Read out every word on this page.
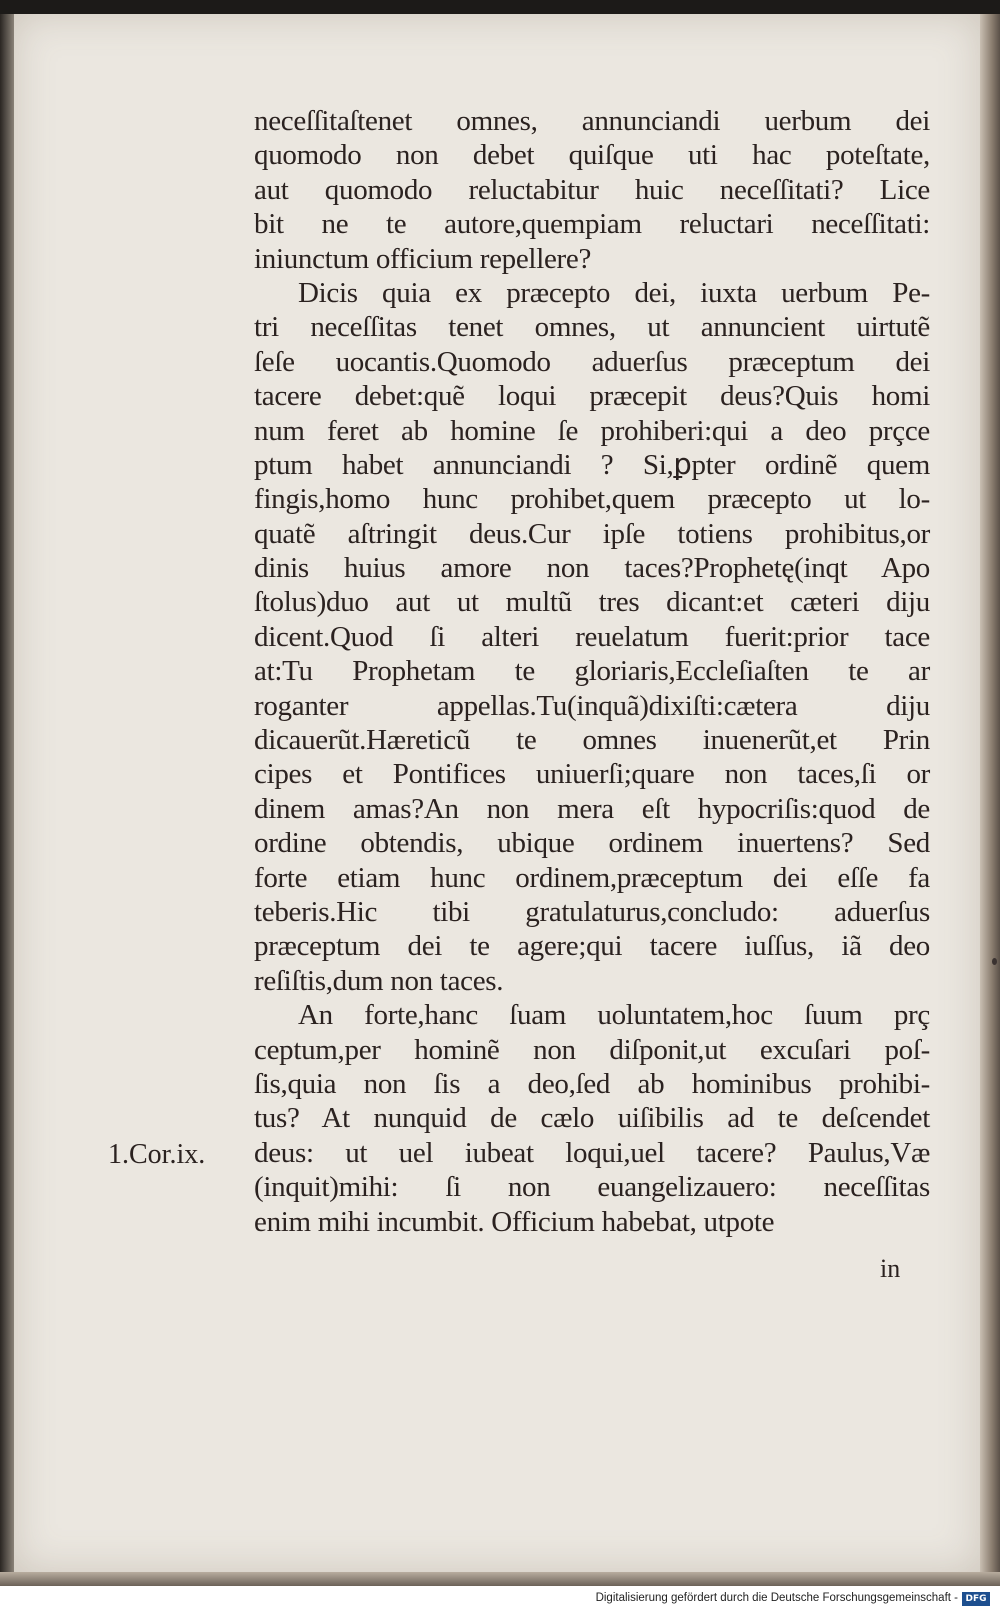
neceſſitaſtenet omnes, annunciandi uerbum dei
quomodo non debet quiſque uti hac poteſtate,
aut quomodo reluctabitur huic neceſſitati? Lice
bit ne te autore,quempiam reluctari neceſſitati:
iniunctum officium repellere?
Dicis quia ex præcepto dei, iuxta uerbum Pe-
tri neceſſitas tenet omnes, ut annuncient uirtutẽ
ſeſe uocantis.Quomodo aduerſus præceptum dei
tacere debet:quẽ loqui præcepit deus?Quis homi
num feret ab homine ſe prohiberi:qui a deo prçce
ptum habet annunciandi ? Si,ꝑpter ordinẽ quem
fingis,homo hunc prohibet,quem præcepto ut lo-
quatẽ aſtringit deus.Cur ipſe totiens prohibitus,or
dinis huius amore non taces?Prophetę(inqt Apo
ſtolus)duo aut ut multũ tres dicant:et cæteri diju
dicent.Quod ſi alteri reuelatum fuerit:prior tace
at:Tu Prophetam te gloriaris,Eccleſiaſten te ar
roganter appellas.Tu(inquã)dixiſti:cætera diju
dicauerũt.Hæreticũ te omnes inuenerũt,et Prin
cipes et Pontifices uniuerſi;quare non taces,ſi or
dinem amas?An non mera eſt hypocriſis:quod de
ordine obtendis, ubique ordinem inuertens? Sed
forte etiam hunc ordinem,præceptum dei eſſe fa
teberis.Hic tibi gratulaturus,concludo: aduerſus
præceptum dei te agere;qui tacere iuſſus, iã deo
reſiſtis,dum non taces.
An forte,hanc ſuam uoluntatem,hoc ſuum prç
ceptum,per hominẽ non diſponit,ut excuſari poſ-
ſis,quia non ſis a deo,ſed ab hominibus prohibi-
tus? At nunquid de cælo uiſibilis ad te deſcendet
deus: ut uel iubeat loqui,uel tacere? Paulus,Væ
(inquit)mihi: ſi non euangelizauero: neceſſitas
enim mihi incumbit. Officium habebat, utpote
1.Cor.ix.
in
Digitalisierung gefördert durch die Deutsche Forschungsgemeinschaft - DFG
